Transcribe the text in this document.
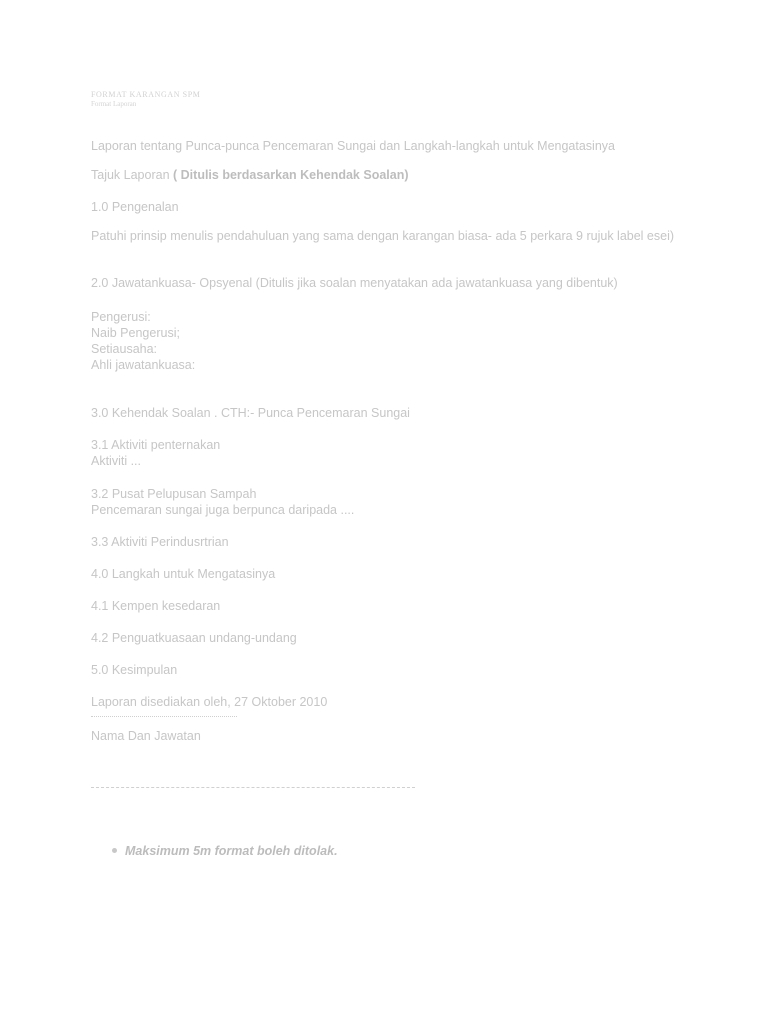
FORMAT KARANGAN SPM
Format Laporan
Laporan tentang Punca-punca Pencemaran Sungai dan Langkah-langkah untuk Mengatasinya
Tajuk Laporan ( Ditulis berdasarkan Kehendak Soalan)
1.0 Pengenalan
Patuhi prinsip menulis pendahuluan yang sama dengan karangan biasa- ada 5 perkara 9 rujuk label esei)
2.0 Jawatankuasa- Opsyenal (Ditulis jika soalan menyatakan ada jawatankuasa yang dibentuk)
Pengerusi:
Naib Pengerusi;
Setiausaha:
Ahli jawatankuasa:
3.0 Kehendak Soalan . CTH:- Punca Pencemaran Sungai
3.1 Aktiviti penternakan
Aktiviti ...
3.2 Pusat Pelupusan Sampah
Pencemaran sungai juga berpunca daripada ....
3.3 Aktiviti Perindusrtrian
4.0 Langkah untuk Mengatasinya
4.1 Kempen kesedaran
4.2 Penguatkuasaan undang-undang
5.0 Kesimpulan
Laporan disediakan oleh, 27 Oktober 2010
Nama Dan Jawatan
Maksimum 5m format boleh ditolak.
